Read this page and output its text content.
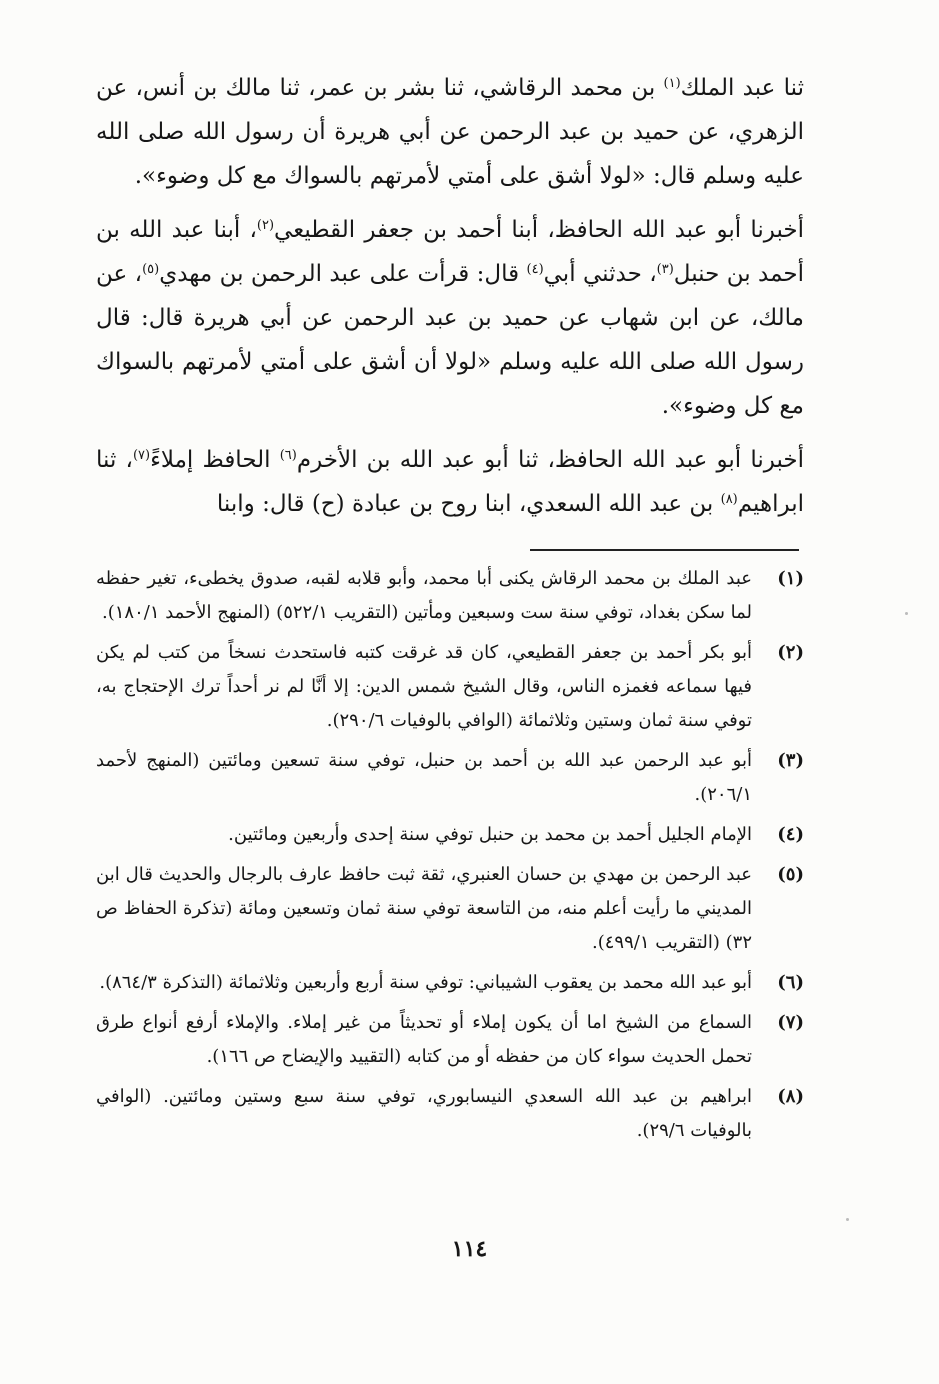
ثنا عبد الملك$^{(١)}$ بن محمد الرقاشي، ثنا بشر بن عمر، ثنا مالك بن أنس، عن الزهري، عن حميد بن عبد الرحمن عن أبي هريرة أن رسول الله صلى الله عليه وسلم قال: «لولا أشق على أمتي لأمرتهم بالسواك مع كل وضوء».

أخبرنا أبو عبد الله الحافظ، أبنا أحمد بن جعفر القطيعي$^{(٢)}$، أبنا عبد الله بن أحمد بن حنبل$^{(٣)}$، حدثني أبي$^{(٤)}$ قال: قرأت على عبد الرحمن بن مهدي$^{(٥)}$، عن مالك، عن ابن شهاب عن حميد بن عبد الرحمن عن أبي هريرة قال: قال رسول الله صلى الله عليه وسلم «لولا أن أشق على أمتي لأمرتهم بالسواك مع كل وضوء».

أخبرنا أبو عبد الله الحافظ، ثنا أبو عبد الله بن الأخرم$^{(٦)}$ الحافظ إملاءً$^{(٧)}$، ثنا ابراهيم$^{(٨)}$ بن عبد الله السعدي، ابنا روح بن عبادة (ح) قال: وابنا

(١)
عبد الملك بن محمد الرقاش يكنى أبا محمد، وأبو قلابه لقبه، صدوق يخطىء، تغير حفظه لما سكن بغداد، توفي سنة ست وسبعين ومأتين (التقريب ٥٢٢/١) (المنهج الأحمد ١٨٠/١).
(٢)
أبو بكر أحمد بن جعفر القطيعي، كان قد غرقت كتبه فاستحدث نسخاً من كتب لم يكن فيها سماعه فغمزه الناس، وقال الشيخ شمس الدين: إلا أنَّا لم نر أحداً ترك الإحتجاج به، توفي سنة ثمان وستين وثلاثمائة (الوافي بالوفيات ٢٩٠/٦).
(٣)
أبو عبد الرحمن عبد الله بن أحمد بن حنبل، توفي سنة تسعين ومائتين (المنهج لأحمد ٢٠٦/١).
(٤)
الإمام الجليل أحمد بن محمد بن حنبل توفي سنة إحدى وأربعين ومائتين.
(٥)
عبد الرحمن بن مهدي بن حسان العنبري، ثقة ثبت حافظ عارف بالرجال والحديث قال ابن المديني ما رأيت أعلم منه، من التاسعة توفي سنة ثمان وتسعين ومائة (تذكرة الحفاظ ص ٣٢) (التقريب ٤٩٩/١).
(٦)
أبو عبد الله محمد بن يعقوب الشيباني: توفي سنة أربع وأربعين وثلاثمائة (التذكرة ٨٦٤/٣).
(٧)
السماع من الشيخ اما أن يكون إملاء أو تحديثاً من غير إملاء. والإملاء أرفع أنواع طرق تحمل الحديث سواء كان من حفظه أو من كتابه (التقييد والإيضاح ص ١٦٦).
(٨)
ابراهيم بن عبد الله السعدي النيسابوري، توفي سنة سبع وستين ومائتين. (الوافي بالوفيات ٢٩/٦).
١١٤
